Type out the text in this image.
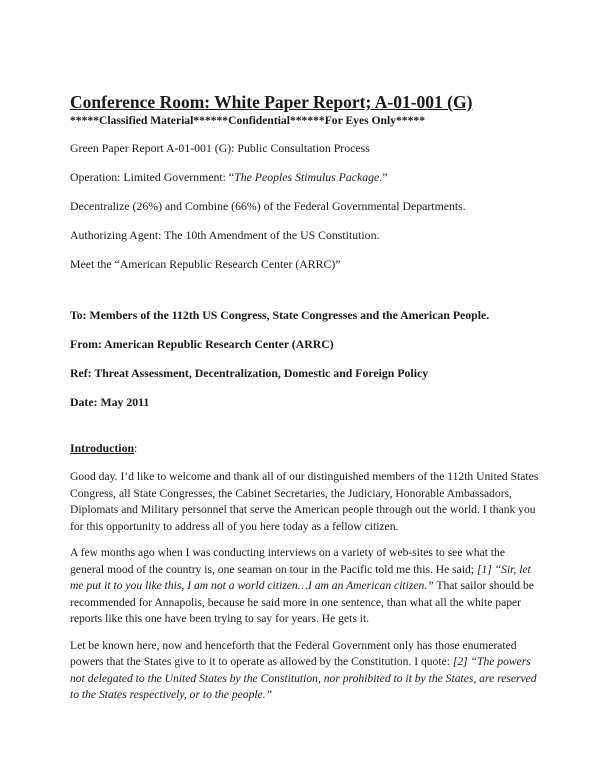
Conference Room: White Paper Report; A-01-001 (G)

*****Classified Material******Confidential******For Eyes Only*****

Green Paper Report A-01-001 (G): Public Consultation Process

Operation: Limited Government: “The Peoples Stimulus Package.”

Decentralize (26%) and Combine (66%) of the Federal Governmental Departments.

Authorizing Agent: The 10th Amendment of the US Constitution.

Meet the “American Republic Research Center (ARRC)”

To: Members of the 112th US Congress, State Congresses and the American People.

From: American Republic Research Center (ARRC)

Ref: Threat Assessment, Decentralization, Domestic and Foreign Policy

Date: May 2011

Introduction:

Good day. I’d like to welcome and thank all of our distinguished members of the 112th United States Congress, all State Congresses, the Cabinet Secretaries, the Judiciary, Honorable Ambassadors, Diplomats and Military personnel that serve the American people through out the world. I thank you for this opportunity to address all of you here today as a fellow citizen.

A few months ago when I was conducting interviews on a variety of web-sites to see what the general mood of the country is, one seaman on tour in the Pacific told me this. He said; [1] “Sir, let me put it to you like this, I am not a world citizen…I am an American citizen.” That sailor should be recommended for Annapolis, because he said more in one sentence, than what all the white paper reports like this one have been trying to say for years. He gets it.

Let be known here, now and henceforth that the Federal Government only has those enumerated powers that the States give to it to operate as allowed by the Constitution. I quote: [2] “The powers not delegated to the United States by the Constitution, nor prohibited to it by the States, are reserved to the States respectively, or to the people.”
